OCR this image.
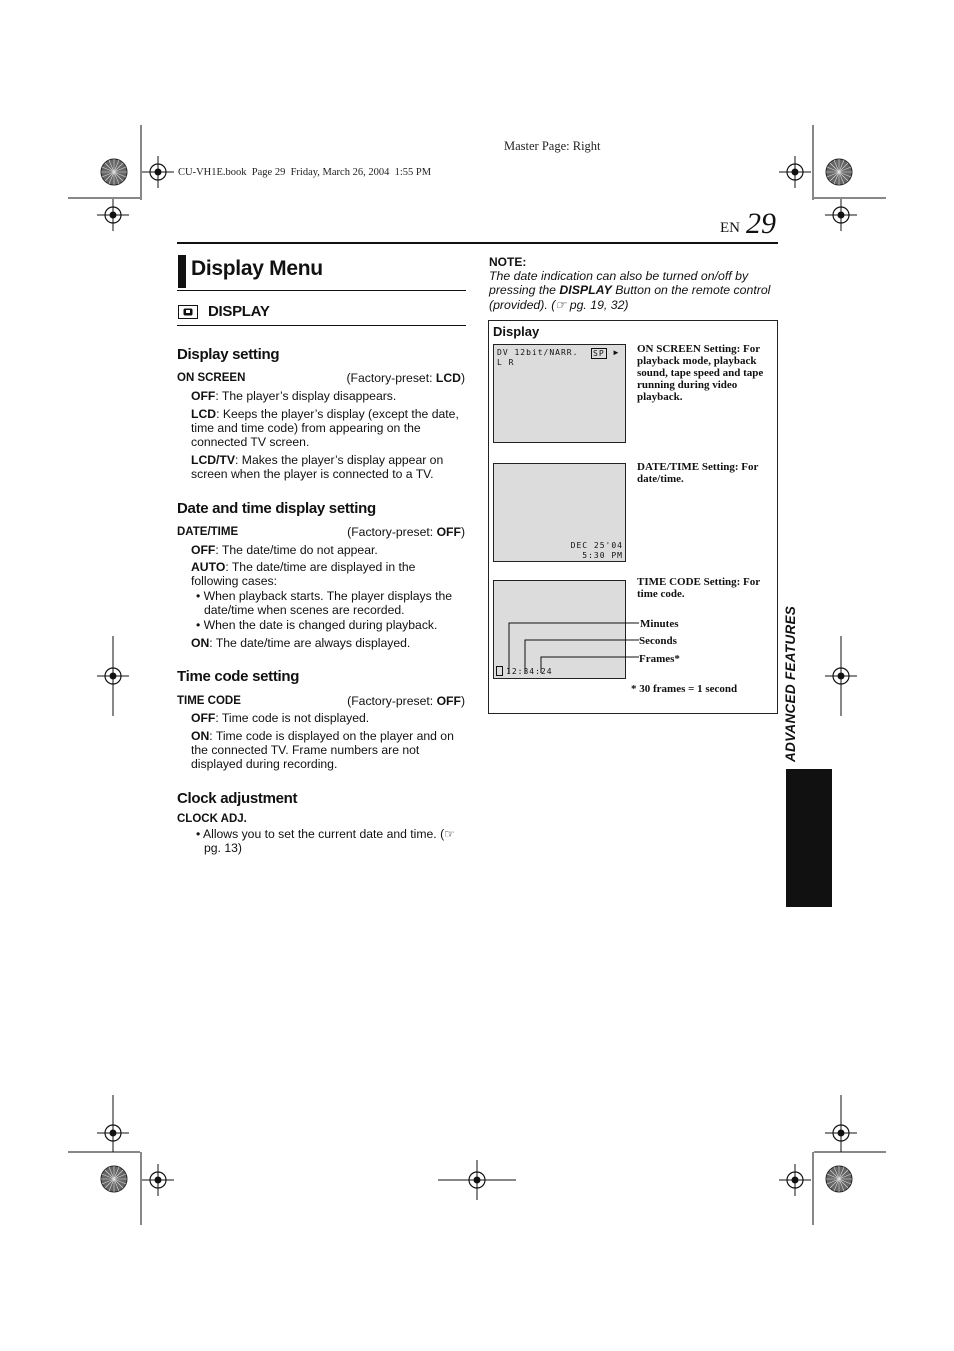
Master Page: Right
CU-VH1E.book  Page 29  Friday, March 26, 2004  1:55 PM
EN 29
Display Menu
DISPLAY
Display setting
ON SCREEN	(Factory-preset: LCD)
OFF: The player’s display disappears.
LCD: Keeps the player’s display (except the date, time and time code) from appearing on the connected TV screen.
LCD/TV: Makes the player’s display appear on screen when the player is connected to a TV.
Date and time display setting
DATE/TIME	(Factory-preset: OFF)
OFF: The date/time do not appear.
AUTO: The date/time are displayed in the following cases:
• When playback starts. The player displays the date/time when scenes are recorded.
• When the date is changed during playback.
ON: The date/time are always displayed.
Time code setting
TIME CODE	(Factory-preset: OFF)
OFF: Time code is not displayed.
ON: Time code is displayed on the player and on the connected TV. Frame numbers are not displayed during recording.
Clock adjustment
CLOCK ADJ.
• Allows you to set the current date and time. (☞ pg. 13)
NOTE:
The date indication can also be turned on/off by pressing the DISPLAY Button on the remote control (provided). (☞ pg. 19, 32)
Display
DV 12bit/NARR.
L R
SP ► ON SCREEN Setting: For playback mode, playback sound, tape speed and tape running during video playback.
DEC 25'04
5:30 PM
DATE/TIME Setting: For date/time.
12:34:24
TIME CODE Setting: For time code.
Minutes
Seconds
Frames*
* 30 frames = 1 second	ADVANCED FEATURES
